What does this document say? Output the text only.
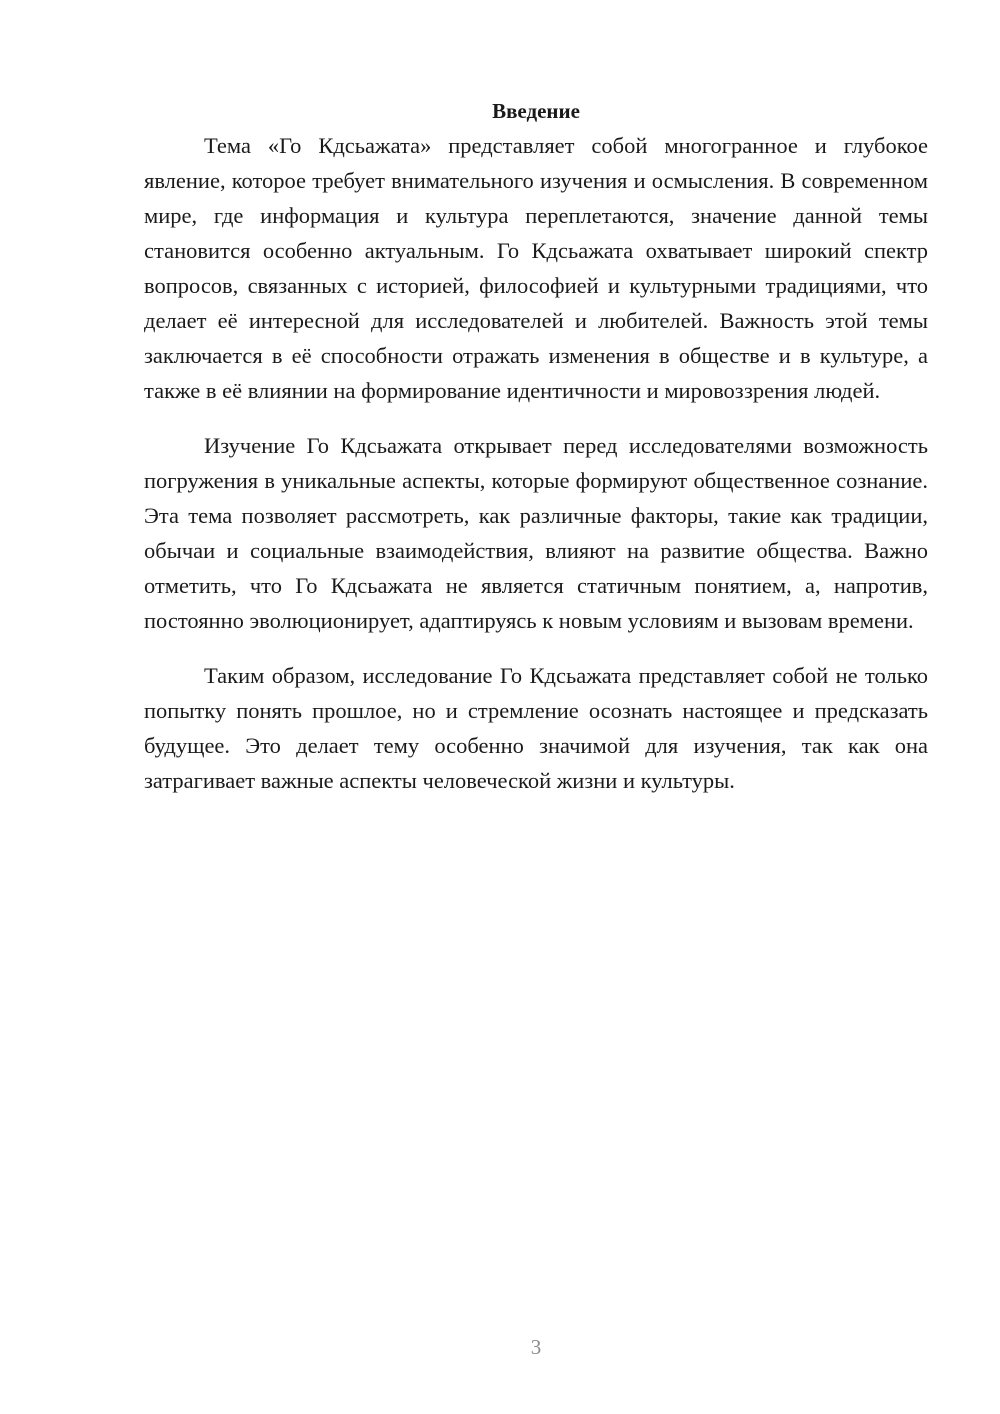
Введение

Тема «Го Кдсьажата» представляет собой многогранное и глубокое явление, которое требует внимательного изучения и осмысления. В современном мире, где информация и культура переплетаются, значение данной темы становится особенно актуальным. Го Кдсьажата охватывает широкий спектр вопросов, связанных с историей, философией и культурными традициями, что делает её интересной для исследователей и любителей. Важность этой темы заключается в её способности отражать изменения в обществе и в культуре, а также в её влиянии на формирование идентичности и мировоззрения людей.

Изучение Го Кдсьажата открывает перед исследователями возможность погружения в уникальные аспекты, которые формируют общественное сознание. Эта тема позволяет рассмотреть, как различные факторы, такие как традиции, обычаи и социальные взаимодействия, влияют на развитие общества. Важно отметить, что Го Кдсьажата не является статичным понятием, а, напротив, постоянно эволюционирует, адаптируясь к новым условиям и вызовам времени.

Таким образом, исследование Го Кдсьажата представляет собой не только попытку понять прошлое, но и стремление осознать настоящее и предсказать будущее. Это делает тему особенно значимой для изучения, так как она затрагивает важные аспекты человеческой жизни и культуры.

3
